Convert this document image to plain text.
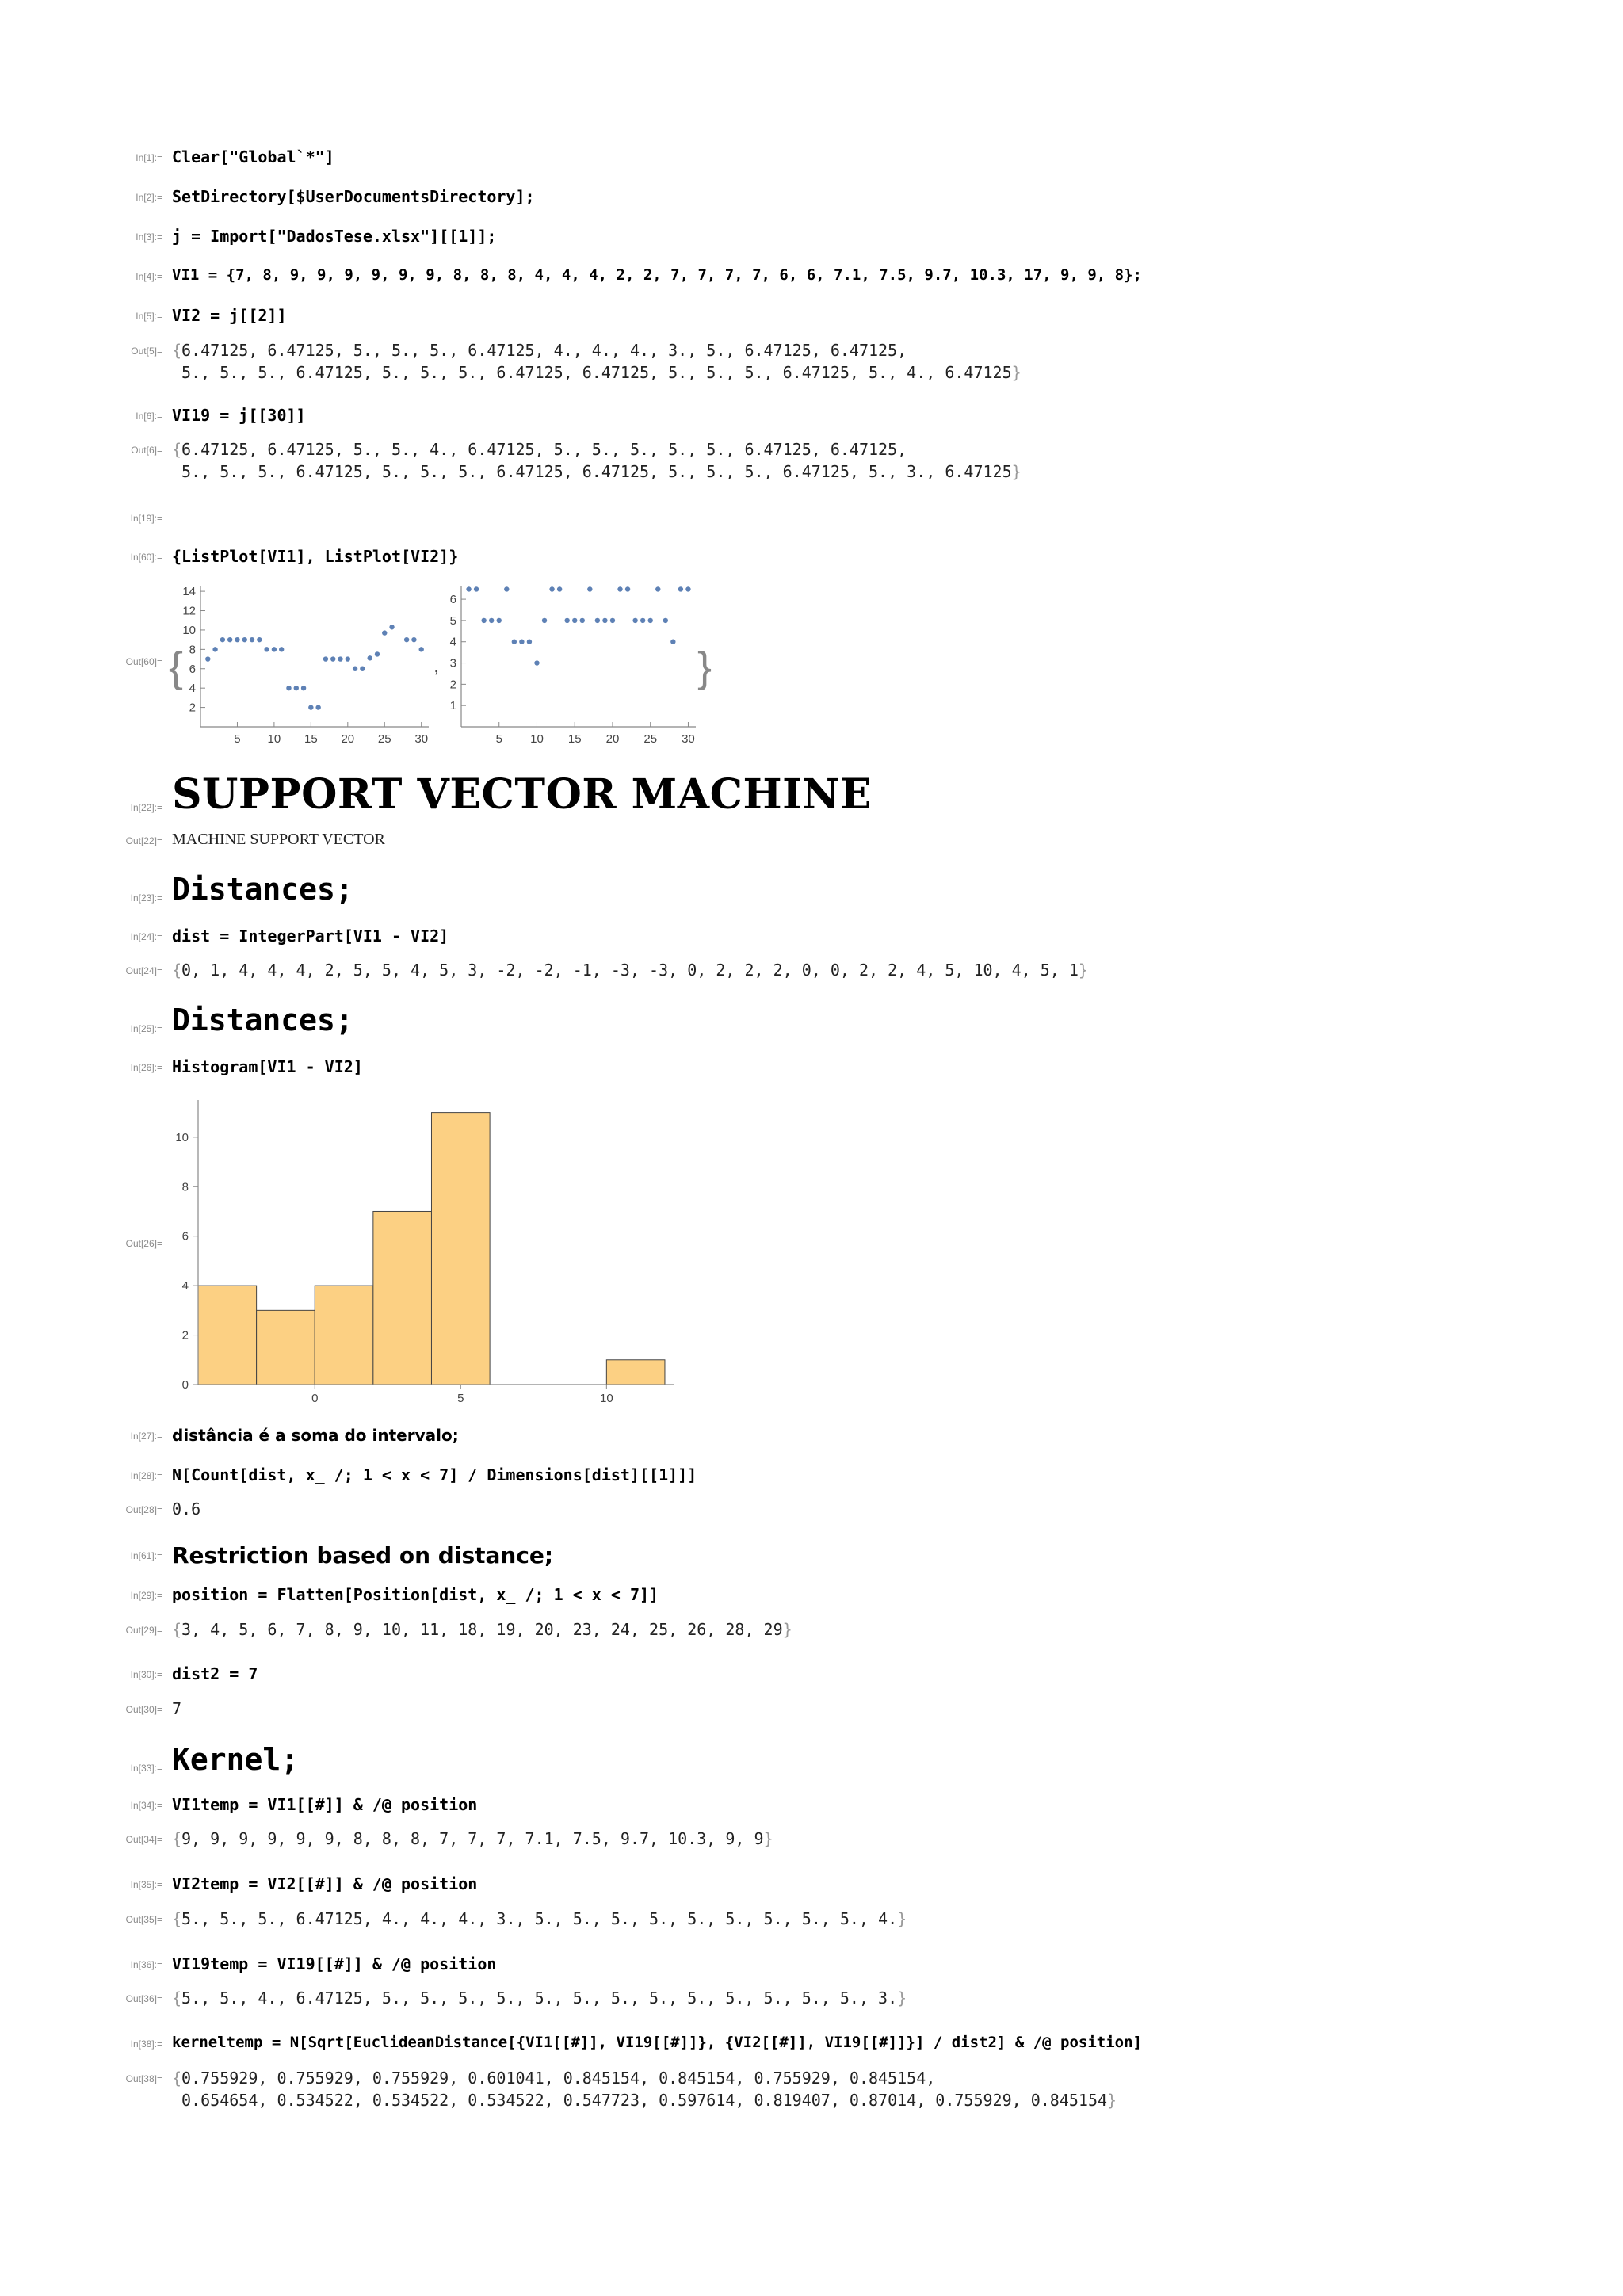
In[1]:= Clear["Global`*"]
In[2]:= SetDirectory[$UserDocumentsDirectory];
In[3]:= j = Import["DadosTese.xlsx"][[1]];
In[4]:= VI1 = {7, 8, 9, 9, 9, 9, 9, 9, 8, 8, 8, 4, 4, 4, 2, 2, 7, 7, 7, 7, 6, 6, 7.1, 7.5, 9.7, 10.3, 17, 9, 9, 8};
In[5]:= VI2 = j[[2]]
Out[5]= {6.47125, 6.47125, 5., 5., 5., 6.47125, 4., 4., 4., 3., 5., 6.47125, 6.47125,
5., 5., 5., 6.47125, 5., 5., 5., 6.47125, 6.47125, 5., 5., 5., 6.47125, 5., 4., 6.47125}
In[6]:= VI19 = j[[30]]
Out[6]= {6.47125, 6.47125, 5., 5., 4., 6.47125, 5., 5., 5., 5., 5., 6.47125, 6.47125,
5., 5., 5., 6.47125, 5., 5., 5., 6.47125, 6.47125, 5., 5., 5., 6.47125, 5., 3., 6.47125}
In[19]:=
In[60]:= {ListPlot[VI1], ListPlot[VI2]}
Out[60]= {	,	}
2
4
6
8
10
12
14
5 10 15 20 25 30
1
2
3
4
5
6
5 10 15 20 25 30
In[22]:= SUPPORT VECTOR MACHINE
Out[22]= MACHINE SUPPORT VECTOR
In[23]:= Distances;
In[24]:= dist = IntegerPart[VI1 - VI2]
Out[24]= {0, 1, 4, 4, 4, 2, 5, 5, 4, 5, 3, -2, -2, -1, -3, -3, 0, 2, 2, 2, 0, 0, 2, 2, 4, 5, 10, 4, 5, 1}
In[25]:= Distances;
In[26]:= Histogram[VI1 - VI2]
Out[26]=
0
2
4
6
8
10
0	5	10
In[27]:= distância é a soma do intervalo;
In[28]:= N[Count[dist, x_ /; 1 < x < 7] / Dimensions[dist][[1]]]
Out[28]= 0.6
In[61]:= Restriction based on distance;
In[29]:= position = Flatten[Position[dist, x_ /; 1 < x < 7]]
Out[29]= {3, 4, 5, 6, 7, 8, 9, 10, 11, 18, 19, 20, 23, 24, 25, 26, 28, 29}
In[30]:= dist2 = 7
Out[30]= 7
In[33]:= Kernel;
In[34]:= VI1temp = VI1[[#]] & /@ position
Out[34]= {9, 9, 9, 9, 9, 9, 8, 8, 8, 7, 7, 7, 7.1, 7.5, 9.7, 10.3, 9, 9}
In[35]:= VI2temp = VI2[[#]] & /@ position
Out[35]= {5., 5., 5., 6.47125, 4., 4., 4., 3., 5., 5., 5., 5., 5., 5., 5., 5., 5., 4.}
In[36]:= VI19temp = VI19[[#]] & /@ position
Out[36]= {5., 5., 4., 6.47125, 5., 5., 5., 5., 5., 5., 5., 5., 5., 5., 5., 5., 5., 3.}
In[38]:= kerneltemp = N[Sqrt[EuclideanDistance[{VI1[[#]], VI19[[#]]}, {VI2[[#]], VI19[[#]]}] / dist2] & /@ position]
Out[38]= {0.755929, 0.755929, 0.755929, 0.601041, 0.845154, 0.845154, 0.755929, 0.845154,
0.654654, 0.534522, 0.534522, 0.534522, 0.547723, 0.597614, 0.819407, 0.87014, 0.755929, 0.845154}
